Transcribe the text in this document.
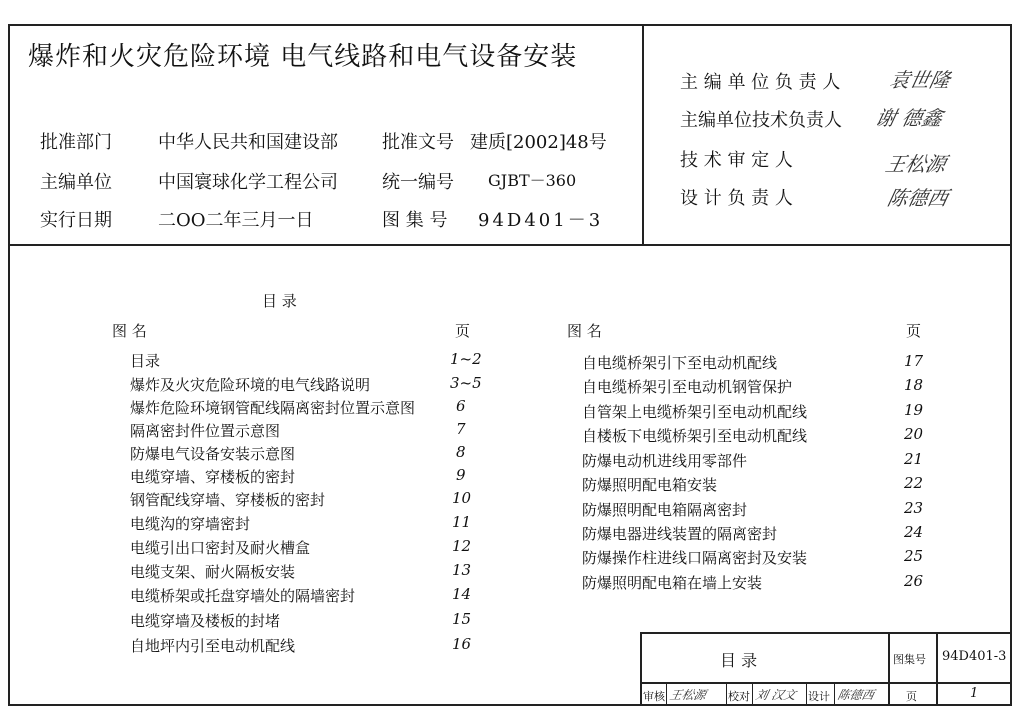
爆炸和火灾危险环境 电气线路和电气设备安装
批准部门	中华人民共和国建设部 批准文号 建质[2002]48号
主编单位	中国寰球化学工程公司 统一编号 GJBT－360
实行日期	二OO二年三月一日	图 集 号 94D401－3
主 编 单 位 负 责 人 袁世隆
主编单位技术负责人 谢 德鑫
技 术 审 定 人	王松源
设 计 负 责 人	陈德西
目 录
图 名	页	图 名	页
目录	1~2
爆炸及火灾危险环境的电气线路说明	3~5
爆炸危险环境钢管配线隔离密封位置示意图	6
隔离密封件位置示意图	7
防爆电气设备安装示意图	8
电缆穿墙、穿楼板的密封	9
钢管配线穿墙、穿楼板的密封	10
电缆沟的穿墙密封	11
电缆引出口密封及耐火槽盒	12
电缆支架、耐火隔板安装	13
电缆桥架或托盘穿墙处的隔墙密封	14
电缆穿墙及楼板的封堵	15
自地坪内引至电动机配线	16
自电缆桥架引下至电动机配线	17
自电缆桥架引至电动机钢管保护	18
自管架上电缆桥架引至电动机配线	19
自楼板下电缆桥架引至电动机配线	20
防爆电动机进线用零部件	21
防爆照明配电箱安装	22
防爆照明配电箱隔离密封	23
防爆电器进线装置的隔离密封	24
防爆操作柱进线口隔离密封及安装	25
防爆照明配电箱在墙上安装	26
目 录	图集号 94D401-3
审核 王松源 校对 刘 汉文 设计 陈德西	页	1
